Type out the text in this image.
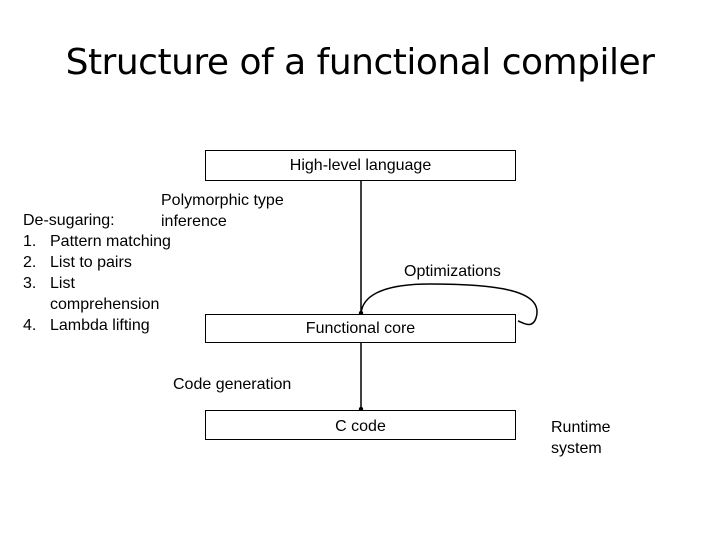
Structure of a functional compiler
High-level language
Functional core
C code
Polymorphic type
inference
De-sugaring:
1. Pattern matching
2. List to pairs
3. List
comprehension
4. Lambda lifting
Optimizations
Code generation
Runtime
system
